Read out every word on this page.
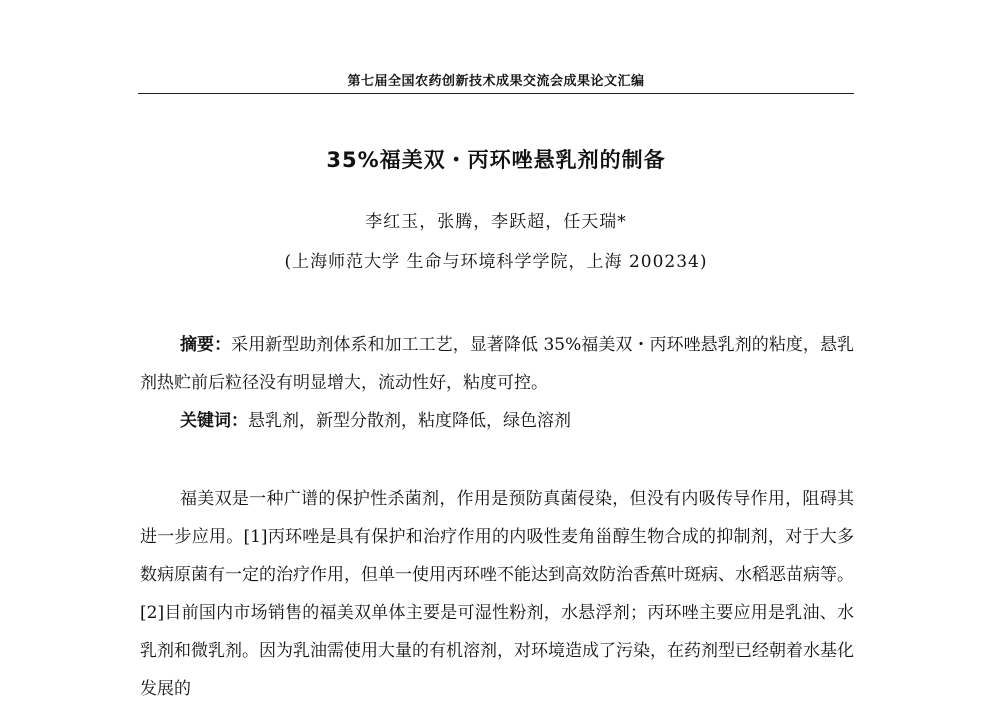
第七届全国农药创新技术成果交流会成果论文汇编
35%福美双・丙环唑悬乳剂的制备
李红玉，张腾，李跃超，任天瑞*
(上海师范大学 生命与环境科学学院，上海 200234)

摘要：采用新型助剂体系和加工工艺，显著降低 35%福美双・丙环唑悬乳剂的粘度，悬乳剂热贮前后粒径没有明显增大，流动性好，粘度可控。

关键词：悬乳剂，新型分散剂，粘度降低，绿色溶剂

福美双是一种广谱的保护性杀菌剂，作用是预防真菌侵染，但没有内吸传导作用，阻碍其进一步应用。[1]丙环唑是具有保护和治疗作用的内吸性麦角甾醇生物合成的抑制剂，对于大多数病原菌有一定的治疗作用，但单一使用丙环唑不能达到高效防治香蕉叶斑病、水稻恶苗病等。[2]目前国内市场销售的福美双单体主要是可湿性粉剂，水悬浮剂；丙环唑主要应用是乳油、水乳剂和微乳剂。因为乳油需使用大量的有机溶剂，对环境造成了污染，在药剂型已经朝着水基化发展的
